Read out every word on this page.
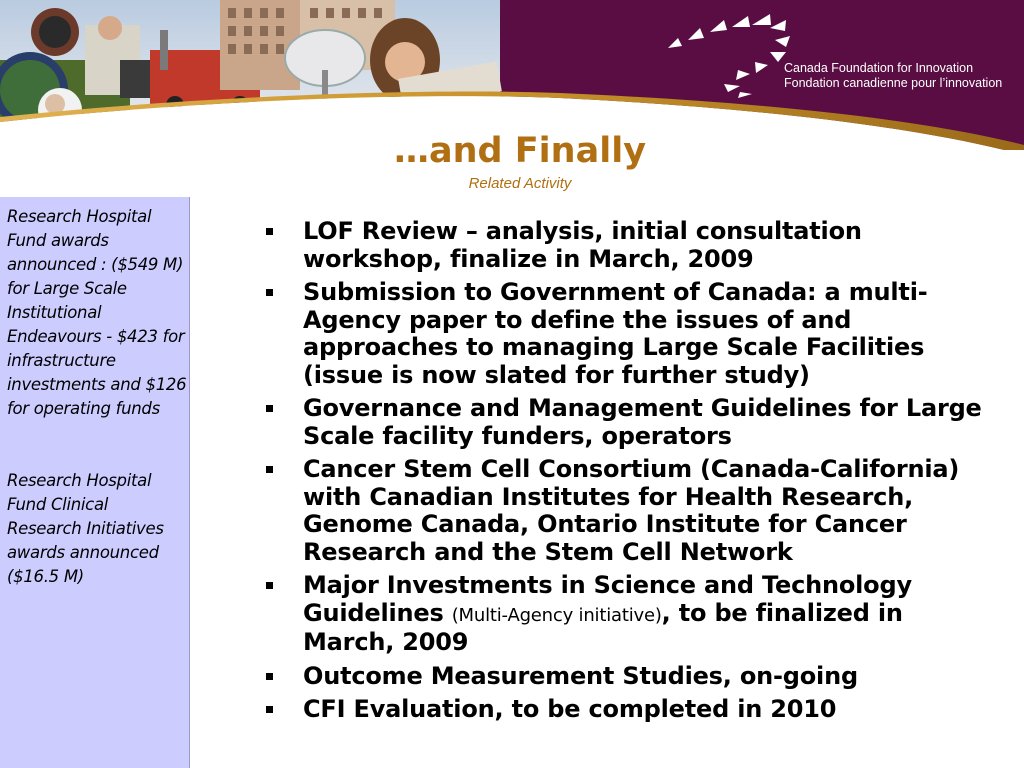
Canada Foundation for Innovation
Fondation canadienne pour l’innovation
…and Finally
Related Activity
Research Hospital Fund awards announced : ($549 M) for Large Scale Institutional Endeavours - $423 for infrastructure investments and $126 for operating funds
Research Hospital Fund Clinical Research Initiatives awards announced ($16.5 M)
LOF Review – analysis, initial consultation workshop, finalize in March, 2009
Submission to Government of Canada: a multi-Agency paper to define the issues of and approaches to managing Large Scale Facilities (issue is now slated for further study)
Governance and Management Guidelines for Large Scale facility funders, operators
Cancer Stem Cell Consortium (Canada-California) with Canadian Institutes for Health Research, Genome Canada, Ontario Institute for Cancer Research and the Stem Cell Network
Major Investments in Science and Technology Guidelines (Multi-Agency initiative), to be finalized in March, 2009
Outcome Measurement Studies, on-going
CFI Evaluation, to be completed in 2010
